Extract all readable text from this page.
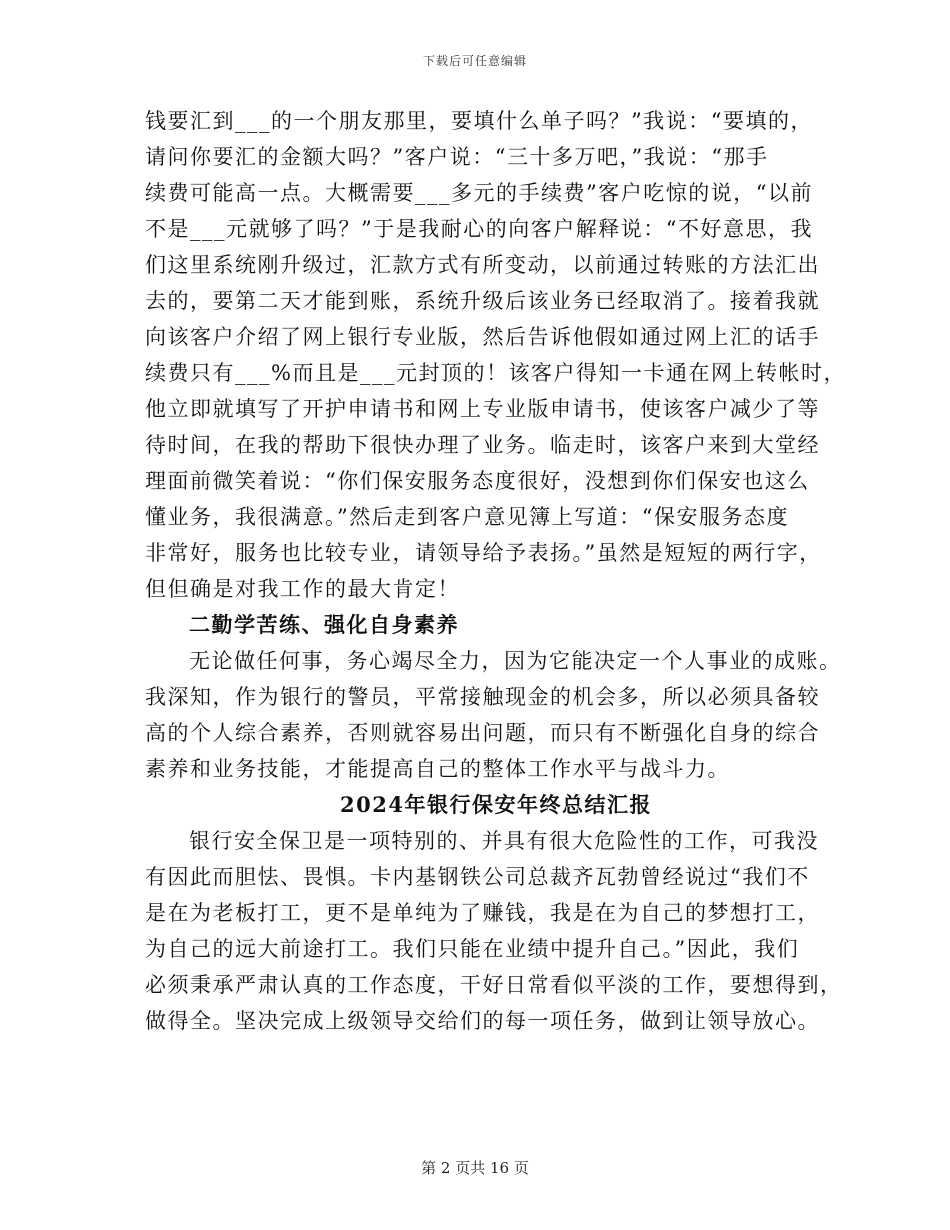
下载后可任意编辑
钱要汇到___的一个朋友那里，要填什么单子吗？”我说：“要填的，
请问你要汇的金额大吗？”客户说：“三十多万吧，”我说：“那手
续费可能高一点。大概需要___多元的手续费”客户吃惊的说，“以前
不是___元就够了吗？”于是我耐心的向客户解释说：“不好意思，我
们这里系统刚升级过，汇款方式有所变动，以前通过转账的方法汇出
去的，要第二天才能到账，系统升级后该业务已经取消了。接着我就
向该客户介绍了网上银行专业版，然后告诉他假如通过网上汇的话手
续费只有___%而且是___元封顶的！该客户得知一卡通在网上转帐时，
他立即就填写了开护申请书和网上专业版申请书，使该客户减少了等
待时间，在我的帮助下很快办理了业务。临走时，该客户来到大堂经
理面前微笑着说：“你们保安服务态度很好，没想到你们保安也这么
懂业务，我很满意。”然后走到客户意见簿上写道：“保安服务态度
非常好，服务也比较专业，请领导给予表扬。”虽然是短短的两行字，
但但确是对我工作的最大肯定！
二勤学苦练、强化自身素养
无论做任何事，务心竭尽全力，因为它能决定一个人事业的成账。
我深知，作为银行的警员，平常接触现金的机会多，所以必须具备较
高的个人综合素养，否则就容易出问题，而只有不断强化自身的综合
素养和业务技能，才能提高自己的整体工作水平与战斗力。
2024年银行保安年终总结汇报
银行安全保卫是一项特别的、并具有很大危险性的工作，可我没
有因此而胆怯、畏惧。卡内基钢铁公司总裁齐瓦勃曾经说过“我们不
是在为老板打工，更不是单纯为了赚钱，我是在为自己的梦想打工，
为自己的远大前途打工。我们只能在业绩中提升自己。”因此，我们
必须秉承严肃认真的工作态度，干好日常看似平淡的工作，要想得到，
做得全。坚决完成上级领导交给们的每一项任务，做到让领导放心。
第 2 页共 16 页
